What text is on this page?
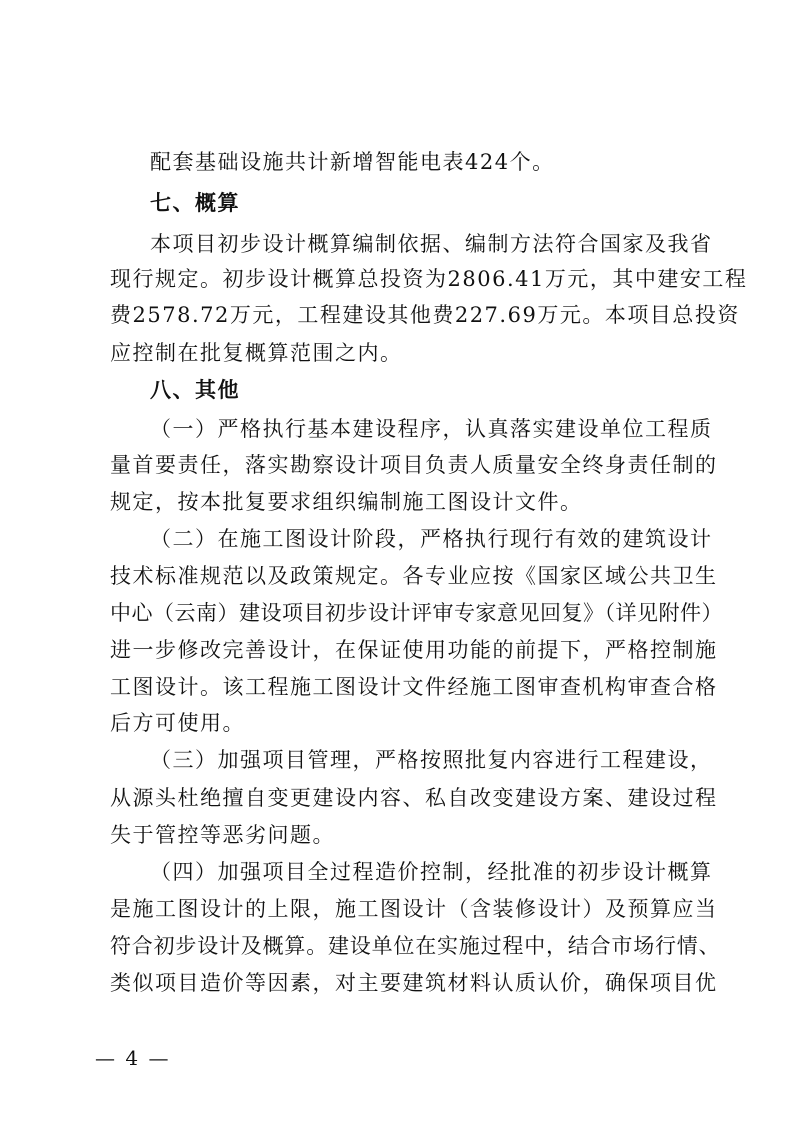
配套基础设施共计新增智能电表424个。
七、概算
本项目初步设计概算编制依据、编制方法符合国家及我省
现行规定。初步设计概算总投资为2806.41万元，其中建安工程
费2578.72万元，工程建设其他费227.69万元。本项目总投资
应控制在批复概算范围之内。
八、其他
（一）严格执行基本建设程序，认真落实建设单位工程质
量首要责任，落实勘察设计项目负责人质量安全终身责任制的
规定，按本批复要求组织编制施工图设计文件。
（二）在施工图设计阶段，严格执行现行有效的建筑设计
技术标准规范以及政策规定。各专业应按《国家区域公共卫生
中心（云南）建设项目初步设计评审专家意见回复》（详见附件）
进一步修改完善设计，在保证使用功能的前提下，严格控制施
工图设计。该工程施工图设计文件经施工图审查机构审查合格
后方可使用。
（三）加强项目管理，严格按照批复内容进行工程建设，
从源头杜绝擅自变更建设内容、私自改变建设方案、建设过程
失于管控等恶劣问题。
（四）加强项目全过程造价控制，经批准的初步设计概算
是施工图设计的上限，施工图设计（含装修设计）及预算应当
符合初步设计及概算。建设单位在实施过程中，结合市场行情、
类似项目造价等因素，对主要建筑材料认质认价，确保项目优
— 4 —
